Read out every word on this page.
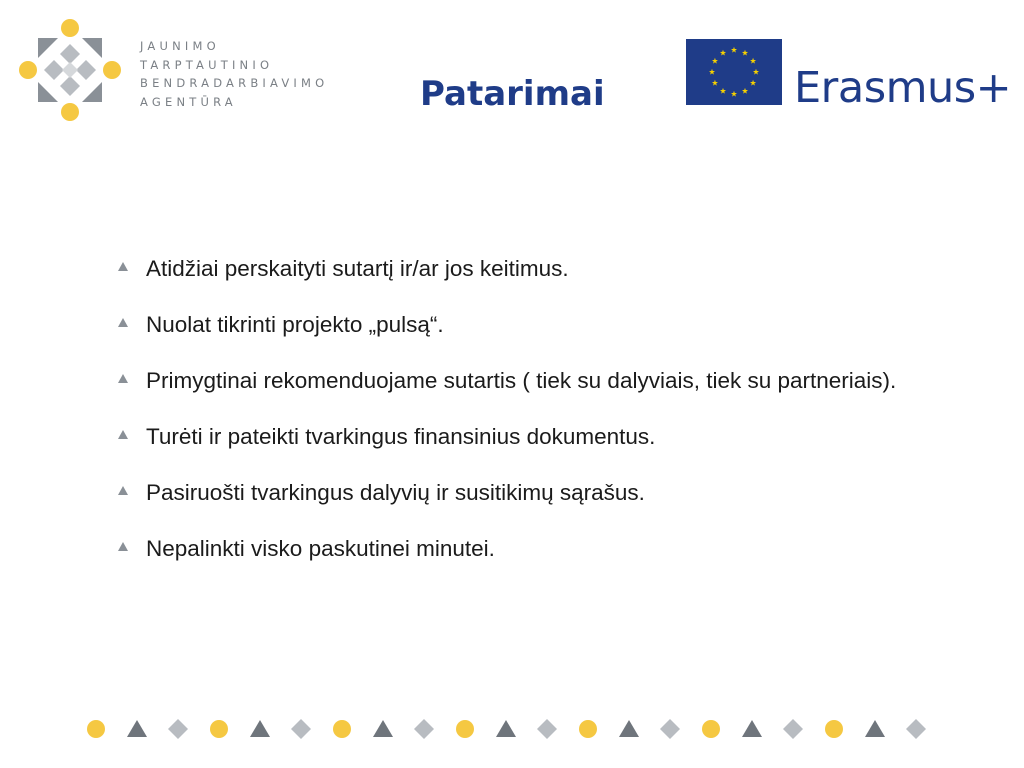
JAUNIMO
TARPTAUTINIO
BENDRADARBIAVIMO
AGENTŪRA	Patarimai	Erasmus+
Atidžiai perskaityti sutartį ir/ar jos keitimus.
Nuolat tikrinti projekto „pulsą“.
Primygtinai rekomenduojame sutartis ( tiek su dalyviais, tiek su partneriais).
Turėti ir pateikti tvarkingus finansinius dokumentus.
Pasiruošti tvarkingus dalyvių ir susitikimų sąrašus.
Nepalinkti visko paskutinei minutei.
